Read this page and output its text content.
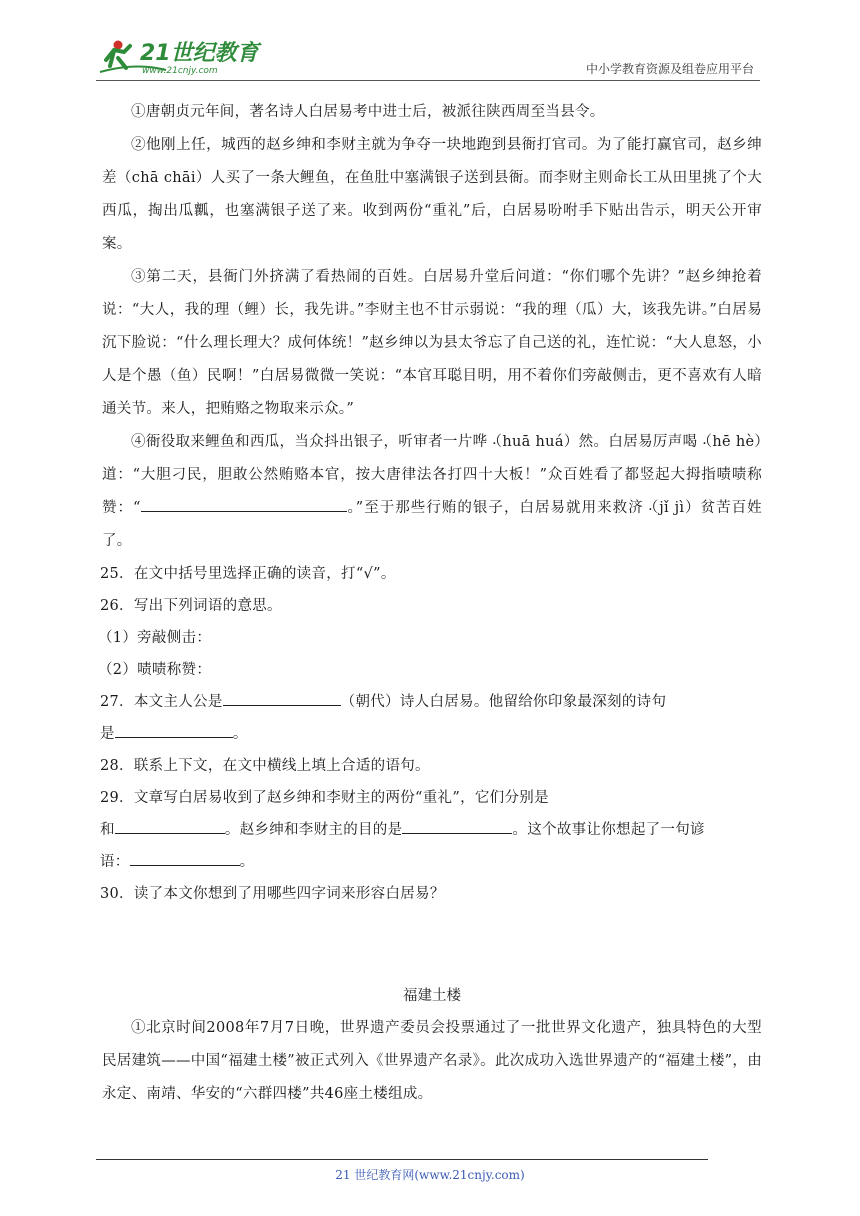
21世纪教育
www.21cnjy.com	中小学教育资源及组卷应用平台

①唐朝贞元年间，著名诗人白居易考中进士后，被派往陕西周至当县令。

②他刚上任，城西的赵乡绅和李财主就为争夺一块地跑到县衙打官司。为了能打赢官司，赵乡绅差（chā chāi）人买了一条大鲤鱼，在鱼肚中塞满银子送到县衙。而李财主则命长工从田里挑了个大西瓜，掏出瓜瓤，也塞满银子送了来。收到两份“重礼”后，白居易吩咐手下贴出告示，明天公开审案。

③第二天，县衙门外挤满了看热闹的百姓。白居易升堂后问道：“你们哪个先讲？”赵乡绅抢着说：“大人，我的理（鲤）长，我先讲。”李财主也不甘示弱说：“我的理（瓜）大，该我先讲。”白居易沉下脸说：“什么理长理大？成何体统！”赵乡绅以为县太爷忘了自己送的礼，连忙说：“大人息怒，小人是个愚（鱼）民啊！”白居易微微一笑说：“本官耳聪目明，用不着你们旁敲侧击，更不喜欢有人暗通关节。来人，把贿赂之物取来示众。”

④衙役取来鲤鱼和西瓜，当众抖出银子，听审者一片哗 ·（huā huá）然。白居易厉声喝 ·（hē hè）道：“大胆刁民，胆敢公然贿赂本官，按大唐律法各打四十大板！”众百姓看了都竖起大拇指啧啧称赞：“	。”至于那些行贿的银子，白居易就用来救济 ·（jǐ jì）贫苦百姓了。

25．在文中括号里选择正确的读音，打“√”。

26．写出下列词语的意思。

（1）旁敲侧击：

（2）啧啧称赞：

27．本文主人公是	（朝代）诗人白居易。他留给你印象最深刻的诗句

是	。

28．联系上下文，在文中横线上填上合适的语句。

29．文章写白居易收到了赵乡绅和李财主的两份“重礼”，它们分别是

和	。赵乡绅和李财主的目的是	。这个故事让你想起了一句谚

语：	。

30．读了本文你想到了用哪些四字词来形容白居易？

福建土楼

①北京时间2008年7月7日晚，世界遗产委员会投票通过了一批世界文化遗产，独具特色的大型民居建筑——中国“福建土楼”被正式列入《世界遗产名录》。此次成功入选世界遗产的“福建土楼”，由永定、南靖、华安的“六群四楼”共46座土楼组成。

21 世纪教育网(www.21cnjy.com)
